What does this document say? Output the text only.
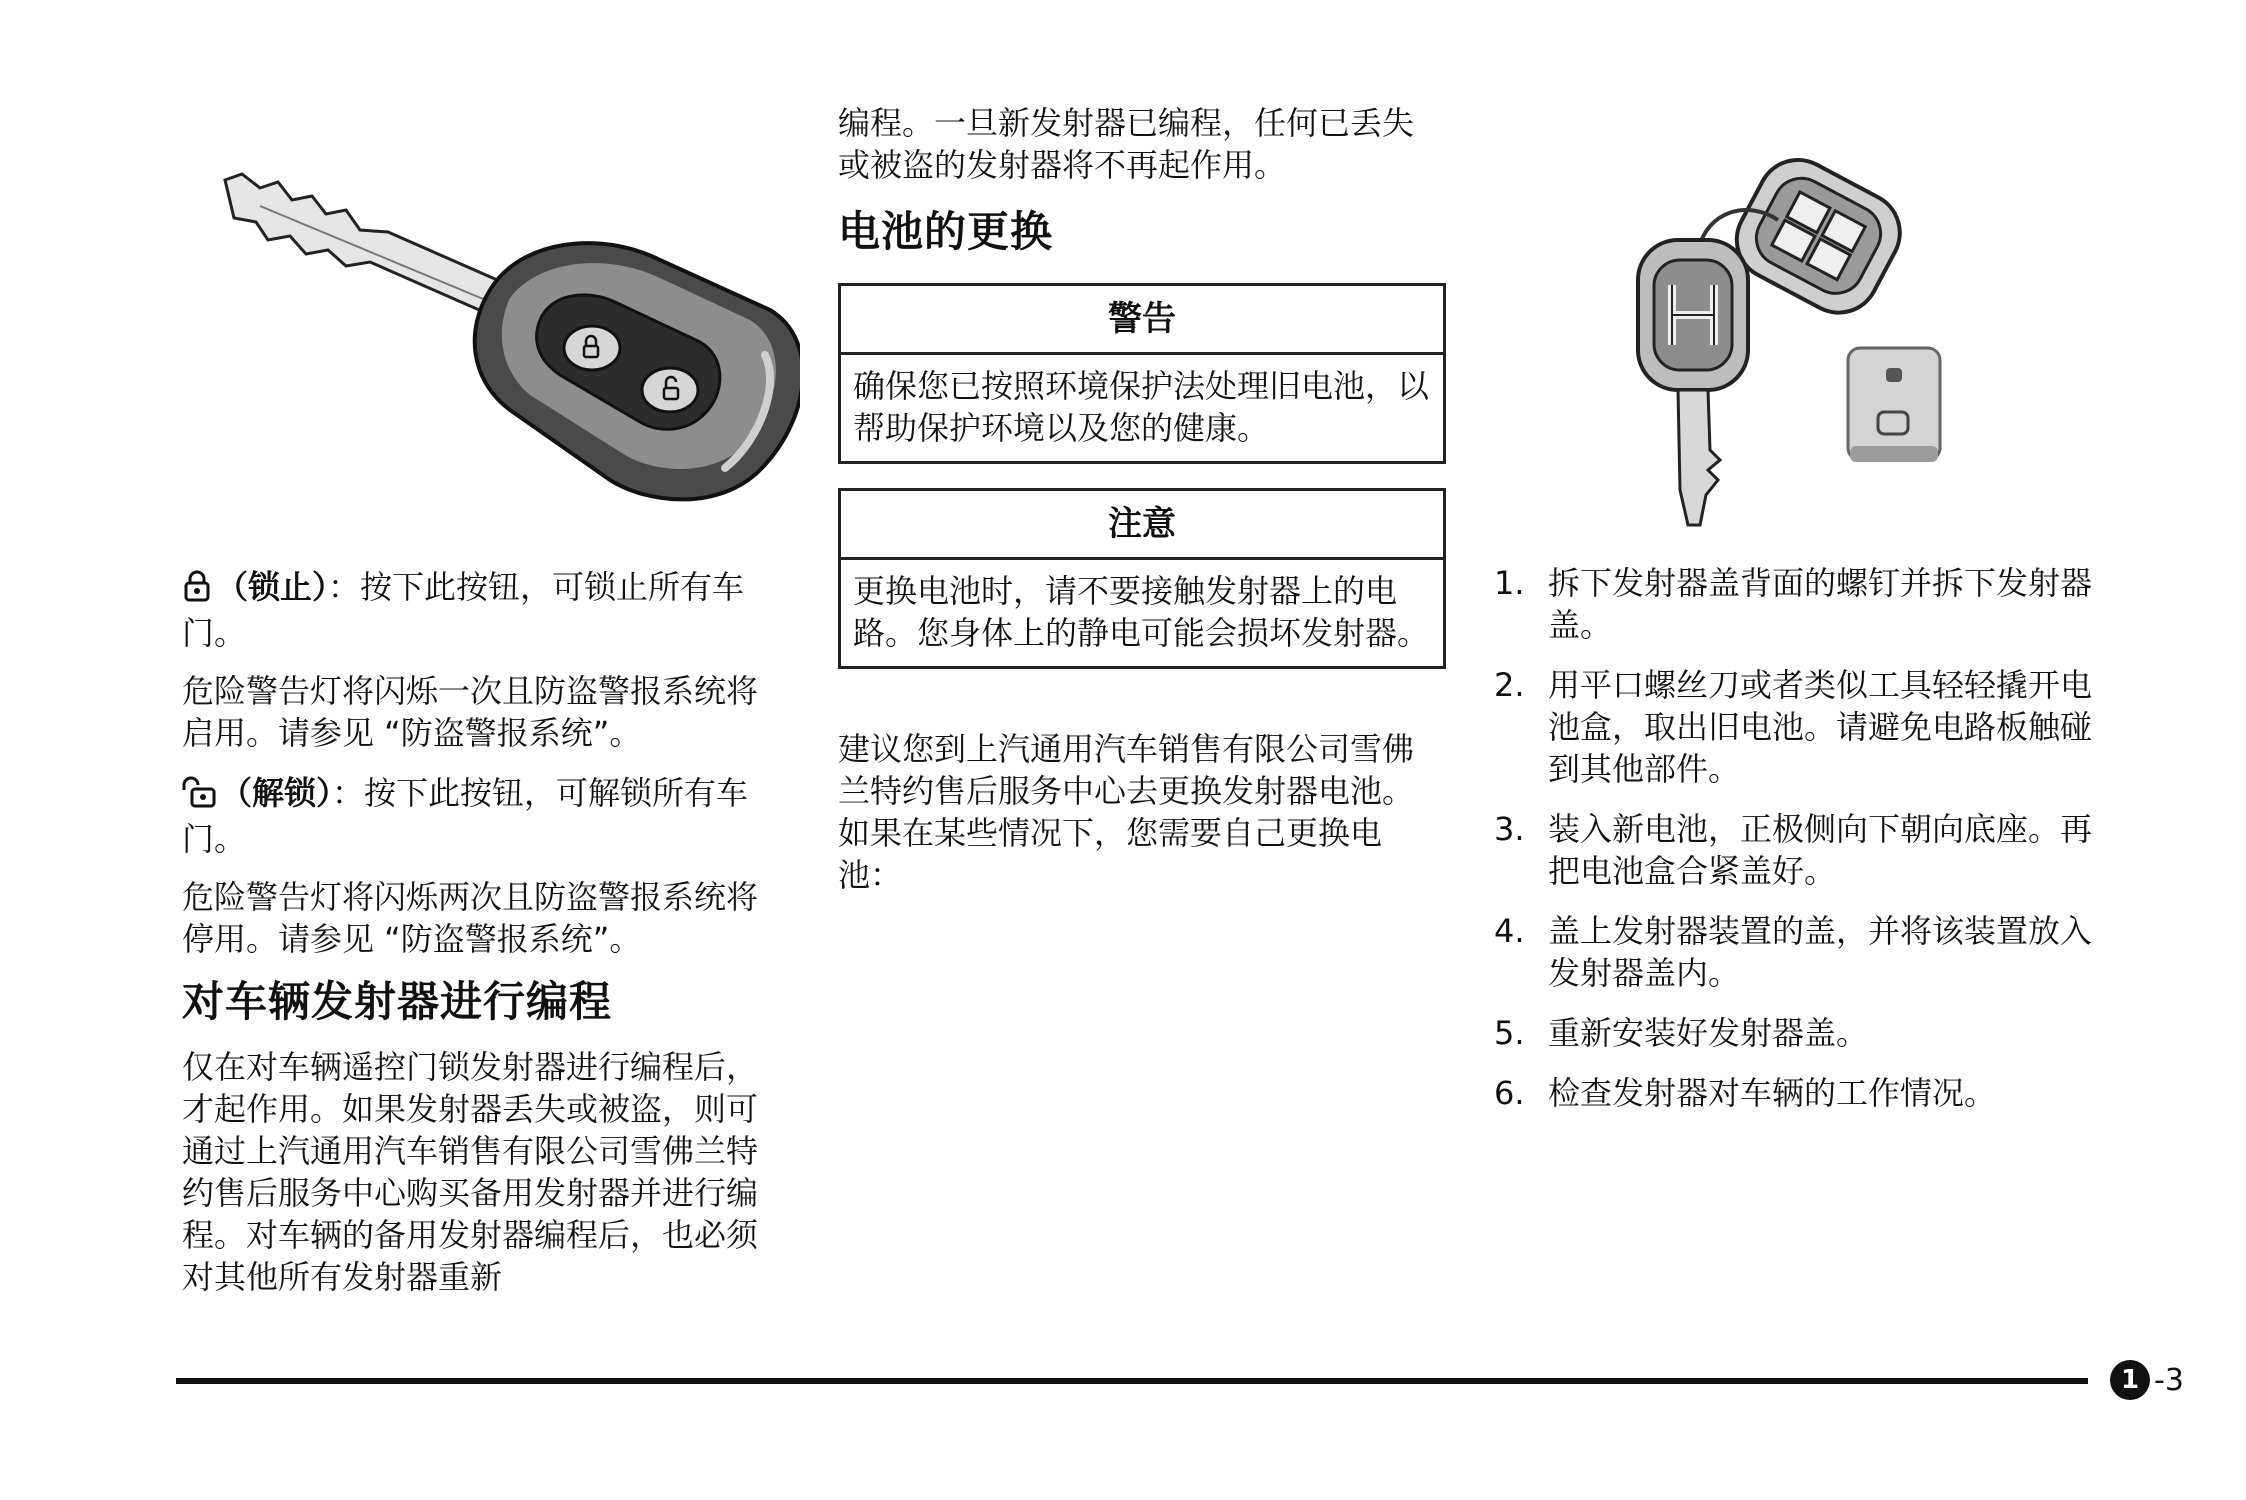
（锁止）：按下此按钮，可锁止所有车门。

危险警告灯将闪烁一次且防盗警报系统将启用。请参见 “防盗警报系统”。

（解锁）：按下此按钮，可解锁所有车门。

危险警告灯将闪烁两次且防盗警报系统将停用。请参见 “防盗警报系统”。

对车辆发射器进行编程

仅在对车辆遥控门锁发射器进行编程后，才起作用。如果发射器丢失或被盗，则可通过上汽通用汽车销售有限公司雪佛兰特约售后服务中心购买备用发射器并进行编程。对车辆的备用发射器编程后，也必须对其他所有发射器重新

编程。一旦新发射器已编程，任何已丢失或被盗的发射器将不再起作用。

电池的更换
警告
确保您已按照环境保护法处理旧电池，以帮助保护环境以及您的健康。
注意
更换电池时，请不要接触发射器上的电路。您身体上的静电可能会损坏发射器。

建议您到上汽通用汽车销售有限公司雪佛兰特约售后服务中心去更换发射器电池。如果在某些情况下，您需要自己更换电池：

1. 拆下发射器盖背面的螺钉并拆下发射器盖。
2. 用平口螺丝刀或者类似工具轻轻撬开电池盒，取出旧电池。请避免电路板触碰到其他部件。
3. 装入新电池，正极侧向下朝向底座。再把电池盒合紧盖好。
4. 盖上发射器装置的盖，并将该装置放入发射器盖内。
5. 重新安装好发射器盖。
6. 检查发射器对车辆的工作情况。
1 -3
